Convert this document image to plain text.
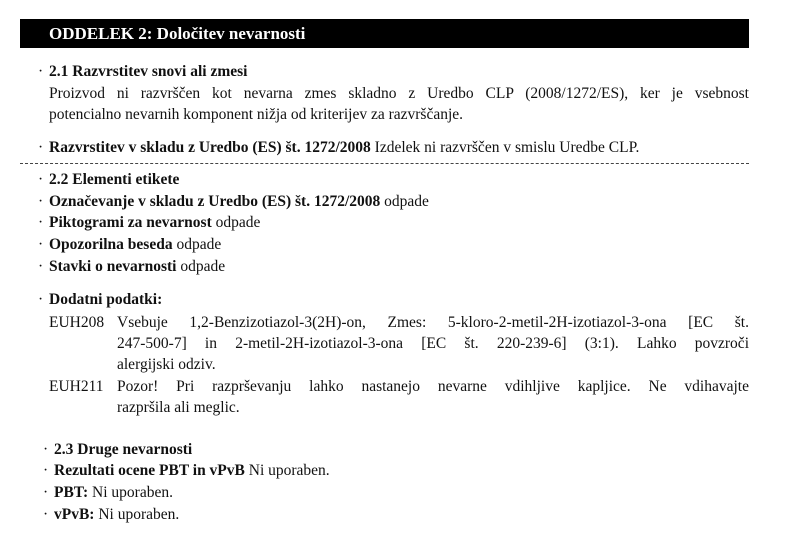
ODDELEK 2: Določitev nevarnosti
· 2.1 Razvrstitev snovi ali zmesi
Proizvod ni razvrščen kot nevarna zmes skladno z Uredbo CLP (2008/1272/ES), ker je vsebnost
potencialno nevarnih komponent nižja od kriterijev za razvrščanje.
· Razvrstitev v skladu z Uredbo (ES) št. 1272/2008 Izdelek ni razvrščen v smislu Uredbe CLP.
· 2.2 Elementi etikete
· Označevanje v skladu z Uredbo (ES) št. 1272/2008 odpade
· Piktogrami za nevarnost odpade
· Opozorilna beseda odpade
· Stavki o nevarnosti odpade
· Dodatni podatki:
EUH208 Vsebuje 1,2-Benzizotiazol-3(2H)-on, Zmes: 5-kloro-2-metil-2H-izotiazol-3-ona [EC št.
247-500-7] in 2-metil-2H-izotiazol-3-ona [EC št. 220-239-6] (3:1). Lahko povzroči
alergijski odziv.
EUH211 Pozor! Pri razprševanju lahko nastanejo nevarne vdihljive kapljice. Ne vdihavajte
razpršila ali meglic.
· 2.3 Druge nevarnosti
· Rezultati ocene PBT in vPvB Ni uporaben.
· PBT: Ni uporaben.
· vPvB: Ni uporaben.
